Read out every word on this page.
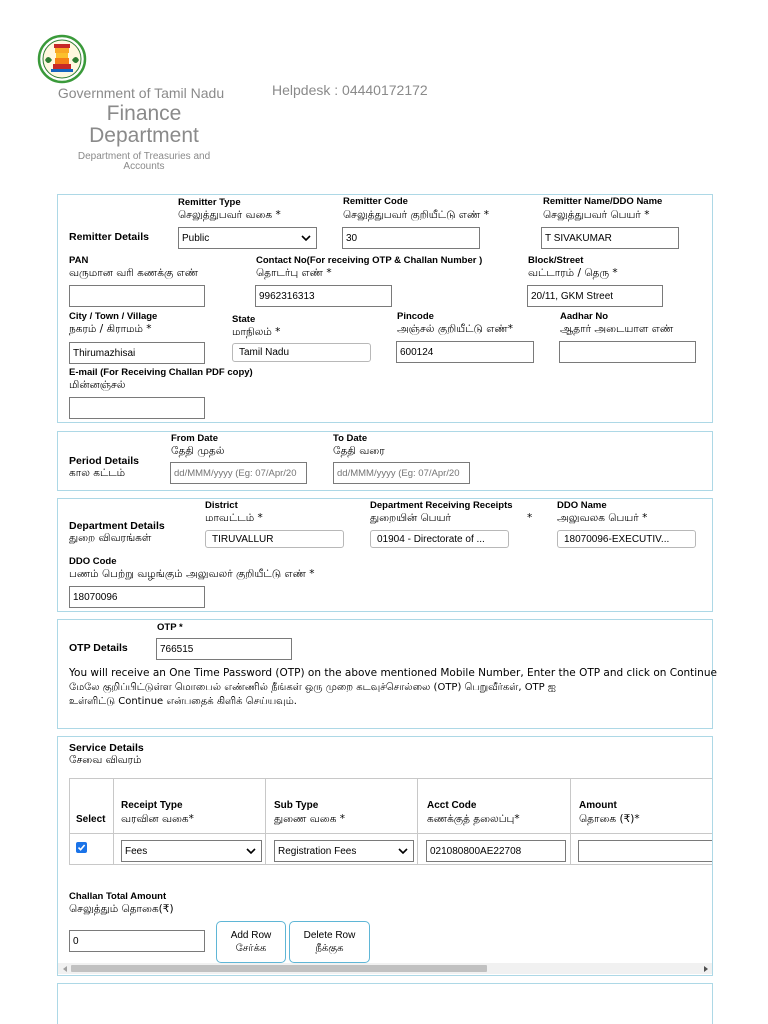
Government of Tamil Nadu
Finance
Department
Department of Treasuries and
Accounts
Helpdesk : 04440172172
Remitter Details
Remitter Type
செலுத்துபவர் வகை *
Public
Remitter Code
செலுத்துபவர் குறியீட்டு எண் *
30
Remitter Name/DDO Name
செலுத்துபவர் பெயர் *
T SIVAKUMAR
PAN
வருமான வரி கணக்கு எண்
Contact No(For receiving OTP & Challan Number )
தொடர்பு எண் *
9962316313
Block/Street
வட்டாரம் / தெரு *
20/11, GKM Street
City / Town / Village
நகரம் / கிராமம் *
Thirumazhisai
State
மாநிலம் *
Tamil Nadu
Pincode
அஞ்சல் குறியீட்டு எண்*
600124
Aadhar No
ஆதார் அடையாள எண்
E-mail (For Receiving Challan PDF copy)
மின்னஞ்சல்
Period Details
கால கட்டம்
From Date
தேதி முதல்
dd/MMM/yyyy (Eg: 07/Apr/20
To Date
தேதி வரை
dd/MMM/yyyy (Eg: 07/Apr/20
Department Details
துறை விவரங்கள்
District
மாவட்டம் *
TIRUVALLUR
Department Receiving Receipts
துறையின் பெயர்	*
01904 - Directorate of ...
DDO Name
அலுவலக பெயர் *
18070096-EXECUTIV...
DDO Code
பணம் பெற்று வழங்கும் அலுவலர் குறியீட்டு எண் *
18070096
OTP Details
OTP *
766515
You will receive an One Time Password (OTP) on the above mentioned Mobile Number, Enter the OTP and click on Continue
மேலே குறிப்பிட்டுள்ள மொபைல் எண்ணில் நீங்கள் ஒரு முறை கடவுச்சொல்லை (OTP) பெறுவீர்கள், OTP ஐ
உள்ளிட்டு Continue என்பதைக் கிளிக் செய்யவும்.
Service Details
சேவை விவரம்
Select
Receipt Type
வரவின வகை*
Sub Type
துணை வகை *
Acct Code
கணக்குத் தலைப்பு*
Amount
தொகை (₹)*
Fees	Registration Fees
021080800AE22708
Challan Total Amount
செலுத்தும் தொகை(₹)
0
Add Row
சேர்க்க
Delete Row
நீக்குக
